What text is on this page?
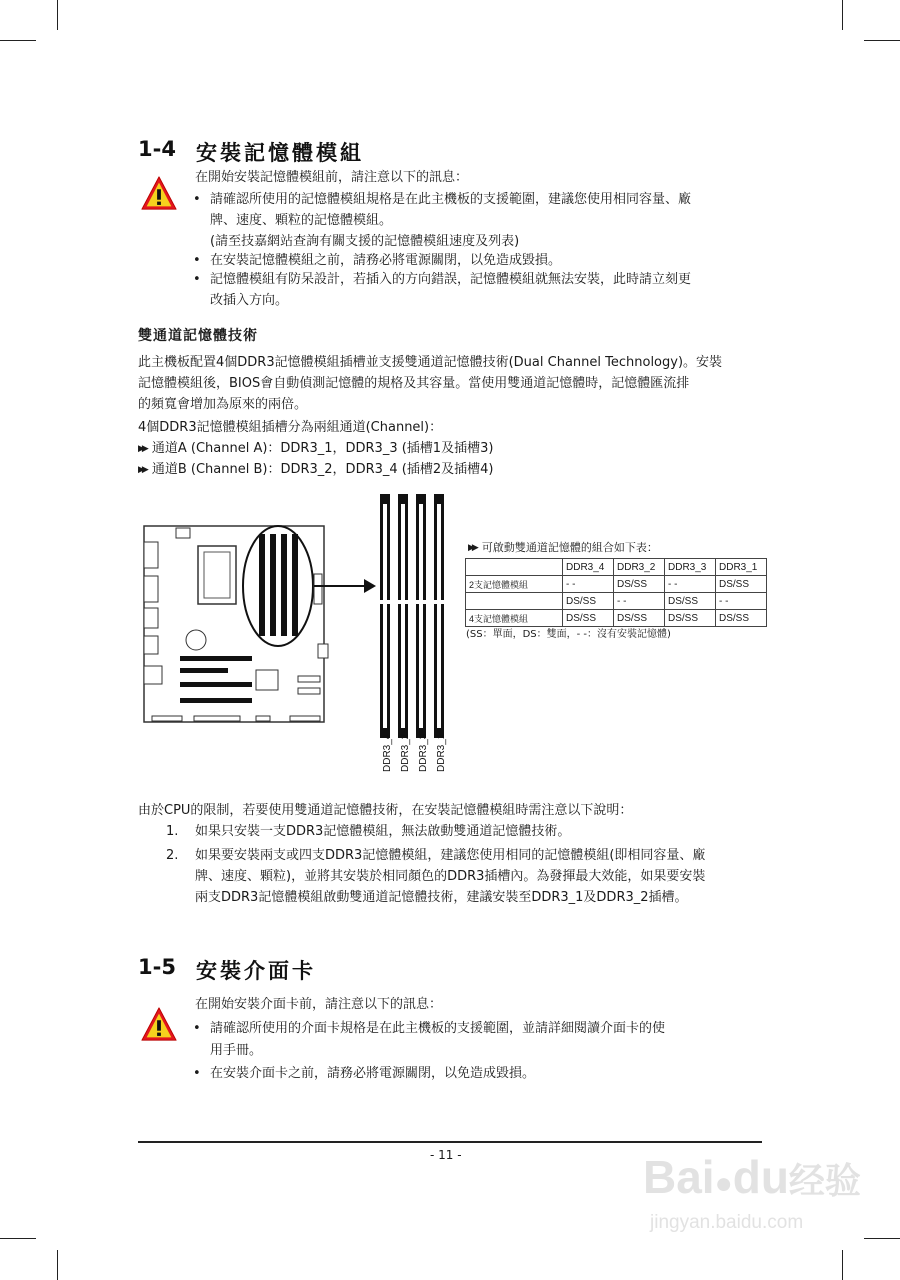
1-4 安裝記憶體模組
在開始安裝記憶體模組前，請注意以下的訊息：
• 請確認所使用的記憶體模組規格是在此主機板的支援範圍，建議您使用相同容量、廠
牌、速度、顆粒的記憶體模組。
(請至技嘉網站查詢有關支援的記憶體模組速度及列表)
• 在安裝記憶體模組之前，請務必將電源關閉，以免造成毀損。
• 記憶體模組有防呆設計，若插入的方向錯誤，記憶體模組就無法安裝，此時請立刻更
改插入方向。
雙通道記憶體技術
此主機板配置4個DDR3記憶體模組插槽並支援雙通道記憶體技術(Dual Channel Technology)。安裝
記憶體模組後，BIOS會自動偵測記憶體的規格及其容量。當使用雙通道記憶體時，記憶體匯流排
的頻寬會增加為原來的兩倍。
4個DDR3記憶體模組插槽分為兩組通道(Channel)：
▶▶ 通道A (Channel A)：DDR3_1，DDR3_3 (插槽1及插槽3)
▶▶ 通道B (Channel B)：DDR3_2，DDR3_4 (插槽2及插槽4)
DDR3_4 DDR3_2 DDR3_3 DDR3_1
▶▶ 可啟動雙通道記憶體的組合如下表：
	DDR3_4	DDR3_2	DDR3_3	DDR3_1
2支記憶體模組	- -	DS/SS	- -	DS/SS
	DS/SS	- -	DS/SS	- -
4支記憶體模組	DS/SS	DS/SS	DS/SS	DS/SS
(SS：單面，DS：雙面，- -：沒有安裝記憶體)
由於CPU的限制，若要使用雙通道記憶體技術，在安裝記憶體模組時需注意以下說明：
1. 如果只安裝一支DDR3記憶體模組，無法啟動雙通道記憶體技術。
2. 如果要安裝兩支或四支DDR3記憶體模組，建議您使用相同的記憶體模組(即相同容量、廠
牌、速度、顆粒)，並將其安裝於相同顏色的DDR3插槽內。為發揮最大效能，如果要安裝
兩支DDR3記憶體模組啟動雙通道記憶體技術，建議安裝至DDR3_1及DDR3_2插槽。
1-5 安裝介面卡
在開始安裝介面卡前，請注意以下的訊息：
• 請確認所使用的介面卡規格是在此主機板的支援範圍，並請詳細閱讀介面卡的使
用手冊。
• 在安裝介面卡之前，請務必將電源關閉，以免造成毀損。
- 11 -	Bai●du经验
jingyan.baidu.com
